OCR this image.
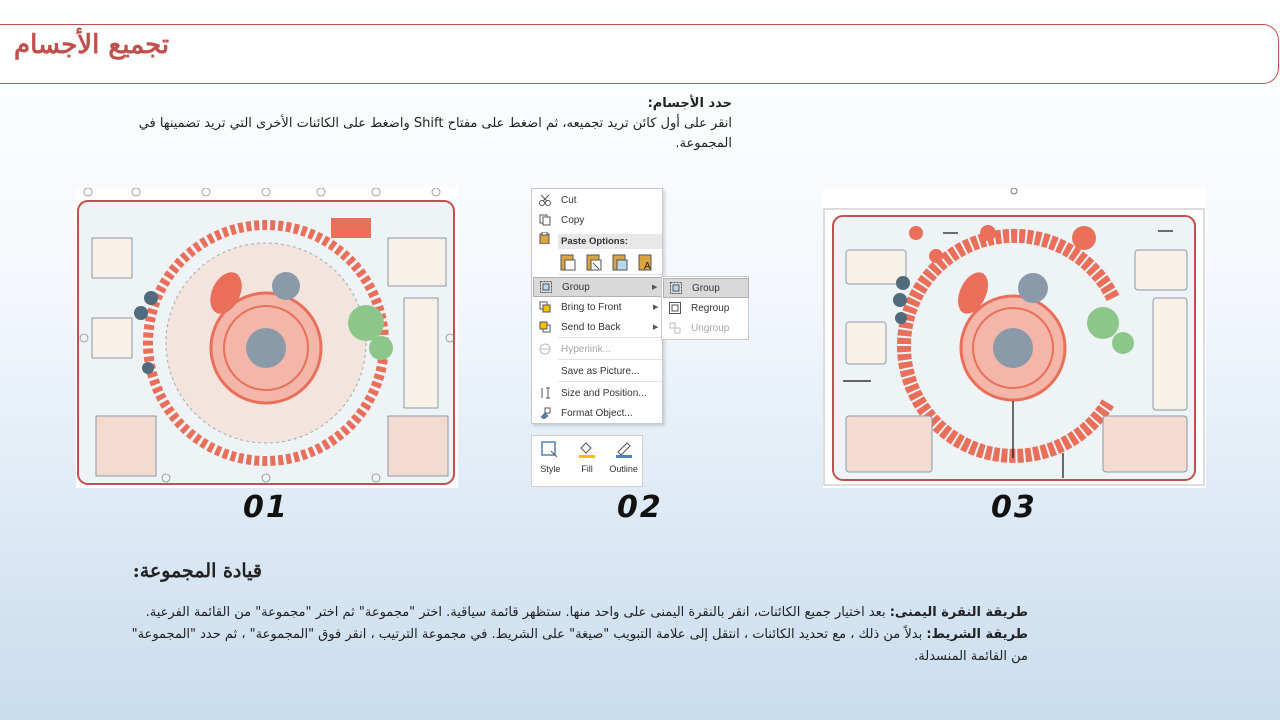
تجميع الأجسام
حدد الأجسام:

انقر على أول كائن تريد تجميعه، ثم اضغط على مفتاح Shift واضغط على الكائنات الأخرى التي تريد تضمينها في المجموعة.

Cut
Copy
Paste Options:
A
Group	▶
Bring to Front	▶
Send to Back	▶
Hyperlink...
Save as Picture...
Size and Position...
Format Object...
Group
Regroup
Ungroup
Style Fill Outline
01	02	03
قيادة المجموعة:

طريقة النقرة اليمنى: بعد اختيار جميع الكائنات، انقر بالنقرة اليمنى على واحد منها. ستظهر قائمة سياقية. اختر "مجموعة" ثم اختر "مجموعة" من القائمة الفرعية.

طريقة الشريط: بدلاً من ذلك ، مع تحديد الكائنات ، انتقل إلى علامة التبويب "صيغة" على الشريط. في مجموعة الترتيب ، انقر فوق "المجموعة" ، ثم حدد "المجموعة" من القائمة المنسدلة.
